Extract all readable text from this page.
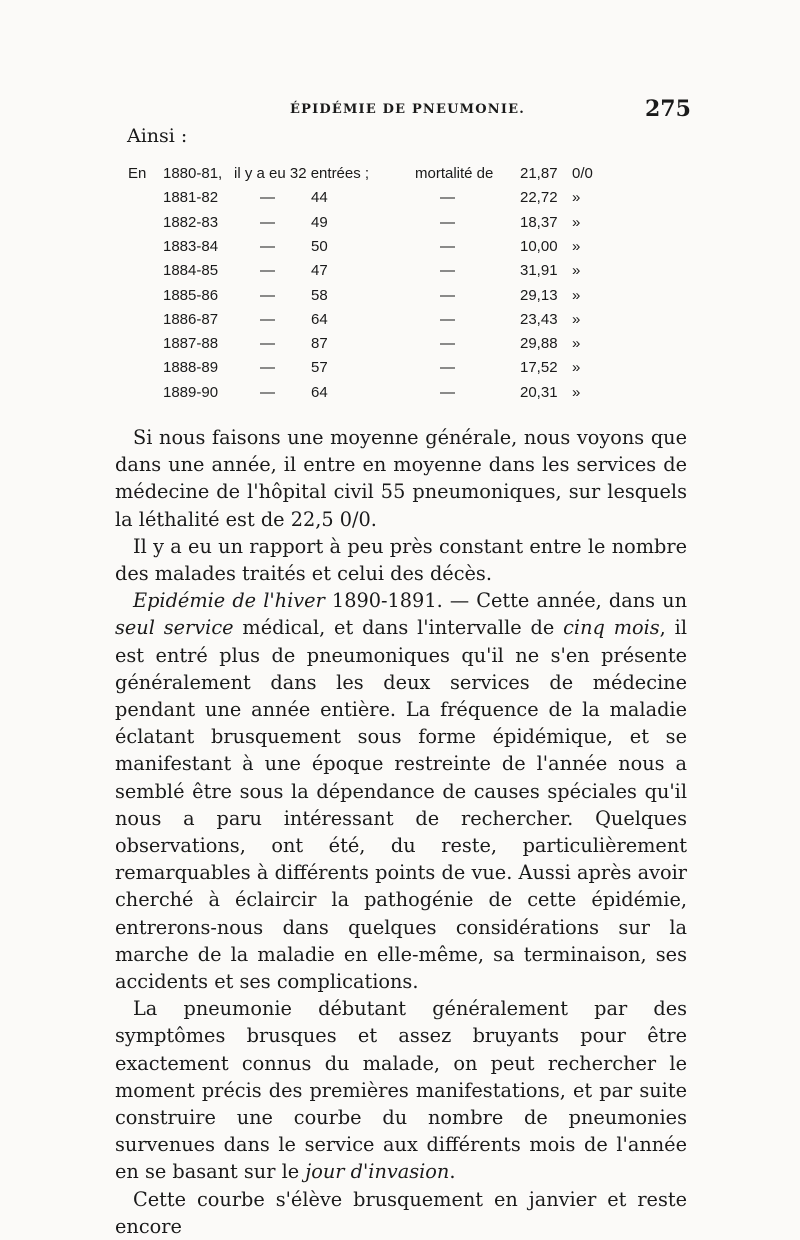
ÉPIDÉMIE DE PNEUMONIE.	275
Ainsi :
En 1880-81, il y a eu 32 entrées ;	mortalité de 21,87 0/0
1881-82	— 44	—	22,72 »
1882-83	— 49	—	18,37 »
1883-84	— 50	—	10,00 »
1884-85	— 47	—	31,91 »
1885-86	— 58	—	29,13 »
1886-87	— 64	—	23,43 »
1887-88	— 87	—	29,88 »
1888-89	— 57	—	17,52 »
1889-90	— 64	—	20,31 »

Si nous faisons une moyenne générale, nous voyons que dans une année, il entre en moyenne dans les services de médecine de l'hôpital civil 55 pneumoniques, sur lesquels la léthalité est de 22,5 0/0.

Il y a eu un rapport à peu près constant entre le nombre des malades traités et celui des décès.

Epidémie de l'hiver 1890-1891. — Cette année, dans un seul service médical, et dans l'intervalle de cinq mois, il est entré plus de pneumoniques qu'il ne s'en présente généralement dans les deux services de médecine pendant une année entière. La fréquence de la maladie éclatant brusquement sous forme épidémique, et se manifestant à une époque restreinte de l'année nous a semblé être sous la dépendance de causes spéciales qu'il nous a paru intéressant de rechercher. Quelques observations, ont été, du reste, particulièrement remarquables à différents points de vue. Aussi après avoir cherché à éclaircir la pathogénie de cette épidémie, entrerons-nous dans quelques considérations sur la marche de la maladie en elle-même, sa terminaison, ses accidents et ses complications.

La pneumonie débutant généralement par des symptômes brusques et assez bruyants pour être exactement connus du malade, on peut rechercher le moment précis des premières manifestations, et par suite construire une courbe du nombre de pneumonies survenues dans le service aux différents mois de l'année en se basant sur le jour d'invasion.

Cette courbe s'élève brusquement en janvier et reste encore
